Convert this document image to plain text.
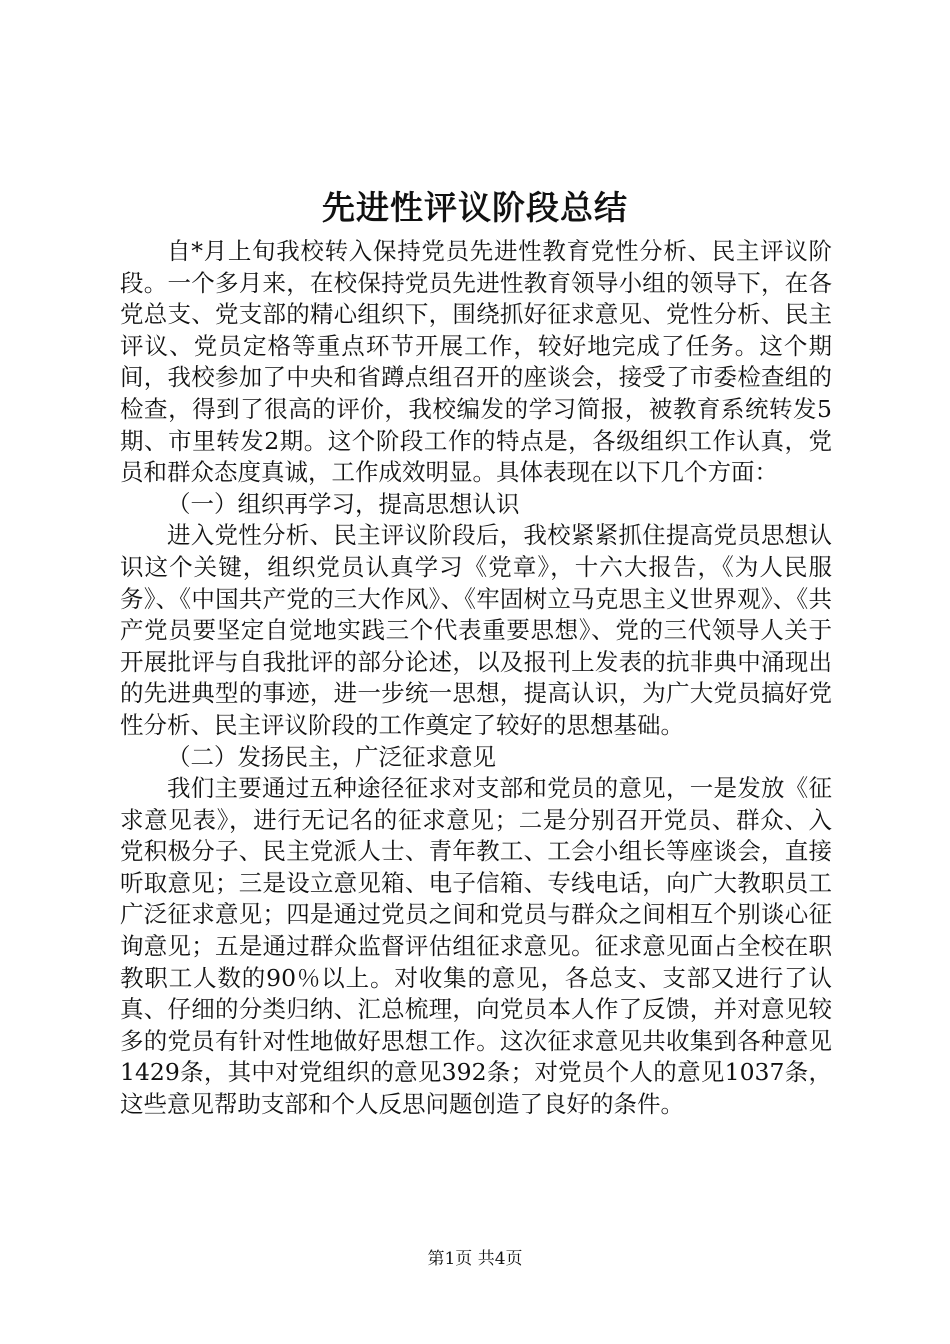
先进性评议阶段总结

自*月上旬我校转入保持党员先进性教育党性分析、民主评议阶段。一个多月来，在校保持党员先进性教育领导小组的领导下，在各党总支、党支部的精心组织下，围绕抓好征求意见、党性分析、民主评议、党员定格等重点环节开展工作，较好地完成了任务。这个期间，我校参加了中央和省蹲点组召开的座谈会，接受了市委检查组的检查，得到了很高的评价，我校编发的学习简报，被教育系统转发5期、市里转发2期。这个阶段工作的特点是，各级组织工作认真，党员和群众态度真诚，工作成效明显。具体表现在以下几个方面：

（一）组织再学习，提高思想认识

进入党性分析、民主评议阶段后，我校紧紧抓住提高党员思想认识这个关键，组织党员认真学习《党章》，十六大报告，《为人民服务》、《中国共产党的三大作风》、《牢固树立马克思主义世界观》、《共产党员要坚定自觉地实践三个代表重要思想》、党的三代领导人关于开展批评与自我批评的部分论述，以及报刊上发表的抗非典中涌现出的先进典型的事迹，进一步统一思想，提高认识，为广大党员搞好党性分析、民主评议阶段的工作奠定了较好的思想基础。

（二）发扬民主，广泛征求意见

我们主要通过五种途径征求对支部和党员的意见，一是发放《征求意见表》，进行无记名的征求意见；二是分别召开党员、群众、入党积极分子、民主党派人士、青年教工、工会小组长等座谈会，直接听取意见；三是设立意见箱、电子信箱、专线电话，向广大教职员工广泛征求意见；四是通过党员之间和党员与群众之间相互个别谈心征询意见；五是通过群众监督评估组征求意见。征求意见面占全校在职教职工人数的90％以上。对收集的意见，各总支、支部又进行了认真、仔细的分类归纳、汇总梳理，向党员本人作了反馈，并对意见较多的党员有针对性地做好思想工作。这次征求意见共收集到各种意见1429条，其中对党组织的意见392条；对党员个人的意见1037条，这些意见帮助支部和个人反思问题创造了良好的条件。

第1页 共4页
